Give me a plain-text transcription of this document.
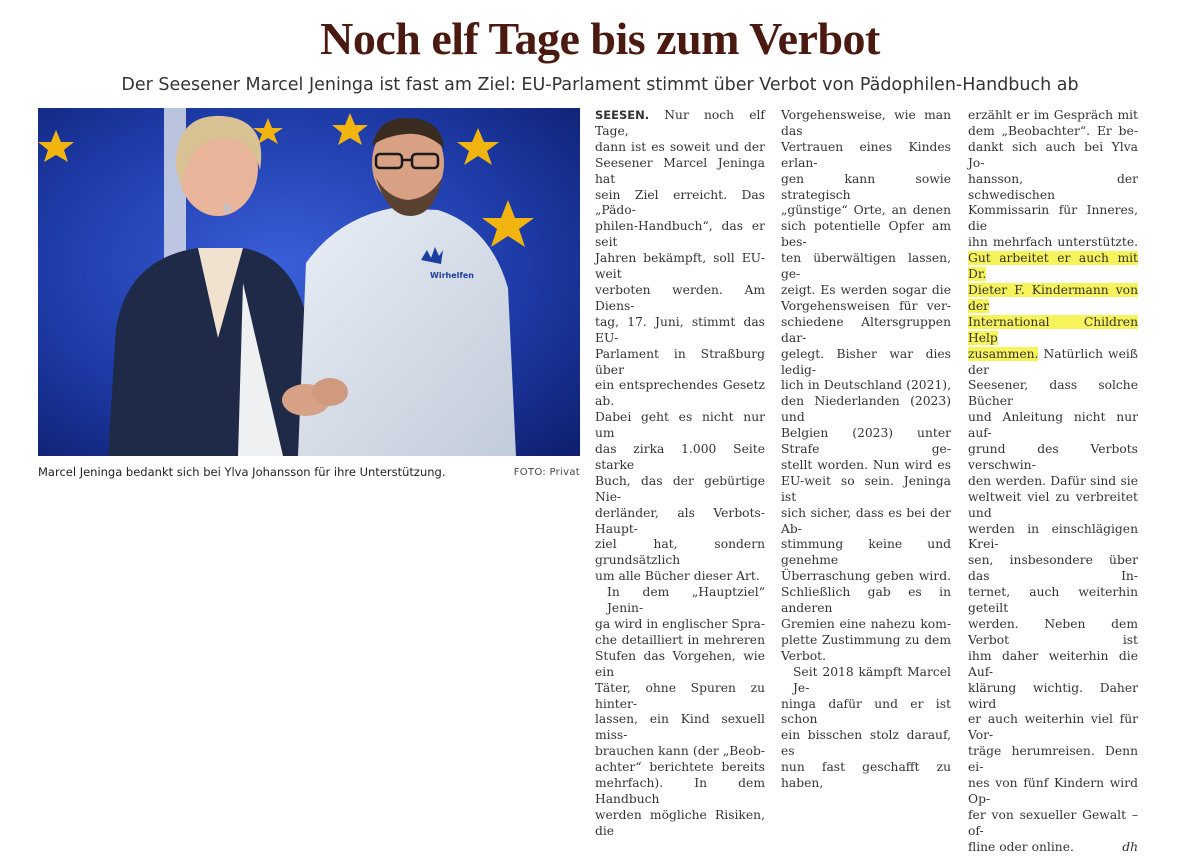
Noch elf Tage bis zum Verbot
Der Seesener Marcel Jeninga ist fast am Ziel: EU-Parlament stimmt über Verbot von Pädophilen-Handbuch ab
Wirhelfen
Marcel Jeninga bedankt sich bei Ylva Johansson für ihre Unterstützung.	FOTO: Privat

SEESEN. Nur noch elf Tage,

dann ist es soweit und der

Seesener Marcel Jeninga hat

sein Ziel erreicht. Das „Pädo-

philen-Handbuch“, das er seit

Jahren bekämpft, soll EU-weit

verboten werden. Am Diens-

tag, 17. Juni, stimmt das EU-

Parlament in Straßburg über

ein entsprechendes Gesetz ab.

Dabei geht es nicht nur um

das zirka 1.000 Seite starke

Buch, das der gebürtige Nie-

derländer, als Verbots-Haupt-

ziel hat, sondern grundsätzlich

um alle Bücher dieser Art.

In dem „Hauptziel“ Jenin-

ga wird in englischer Spra-

che detailliert in mehreren

Stufen das Vorgehen, wie ein

Täter, ohne Spuren zu hinter-

lassen, ein Kind sexuell miss-

brauchen kann (der „Beob-

achter“ berichtete bereits

mehrfach). In dem Handbuch

werden mögliche Risiken, die

Vorgehensweise, wie man das

Vertrauen eines Kindes erlan-

gen kann sowie strategisch

„günstige“ Orte, an denen

sich potentielle Opfer am bes-

ten überwältigen lassen, ge-

zeigt. Es werden sogar die

Vorgehensweisen für ver-

schiedene Altersgruppen dar-

gelegt. Bisher war dies ledig-

lich in Deutschland (2021),

den Niederlanden (2023) und

Belgien (2023) unter Strafe ge-

stellt worden. Nun wird es

EU-weit so sein. Jeninga ist

sich sicher, dass es bei der Ab-

stimmung keine und genehme

Überraschung geben wird.

Schließlich gab es in anderen

Gremien eine nahezu kom-

plette Zustimmung zu dem

Verbot.

Seit 2018 kämpft Marcel Je-

ninga dafür und er ist schon

ein bisschen stolz darauf, es

nun fast geschafft zu haben,

erzählt er im Gespräch mit

dem „Beobachter“. Er be-

dankt sich auch bei Ylva Jo-

hansson, der schwedischen

Kommissarin für Inneres, die

ihn mehrfach unterstützte.

Gut arbeitet er auch mit Dr.

Dieter F. Kindermann von der

International Children Help

zusammen. Natürlich weiß der

Seesener, dass solche Bücher

und Anleitung nicht nur auf-

grund des Verbots verschwin-

den werden. Dafür sind sie

weltweit viel zu verbreitet und

werden in einschlägigen Krei-

sen, insbesondere über das In-

ternet, auch weiterhin geteilt

werden. Neben dem Verbot ist

ihm daher weiterhin die Auf-

klärung wichtig. Daher wird

er auch weiterhin viel für Vor-

träge herumreisen. Denn ei-

nes von fünf Kindern wird Op-

fer von sexueller Gewalt – of-

fline oder online.	dh
